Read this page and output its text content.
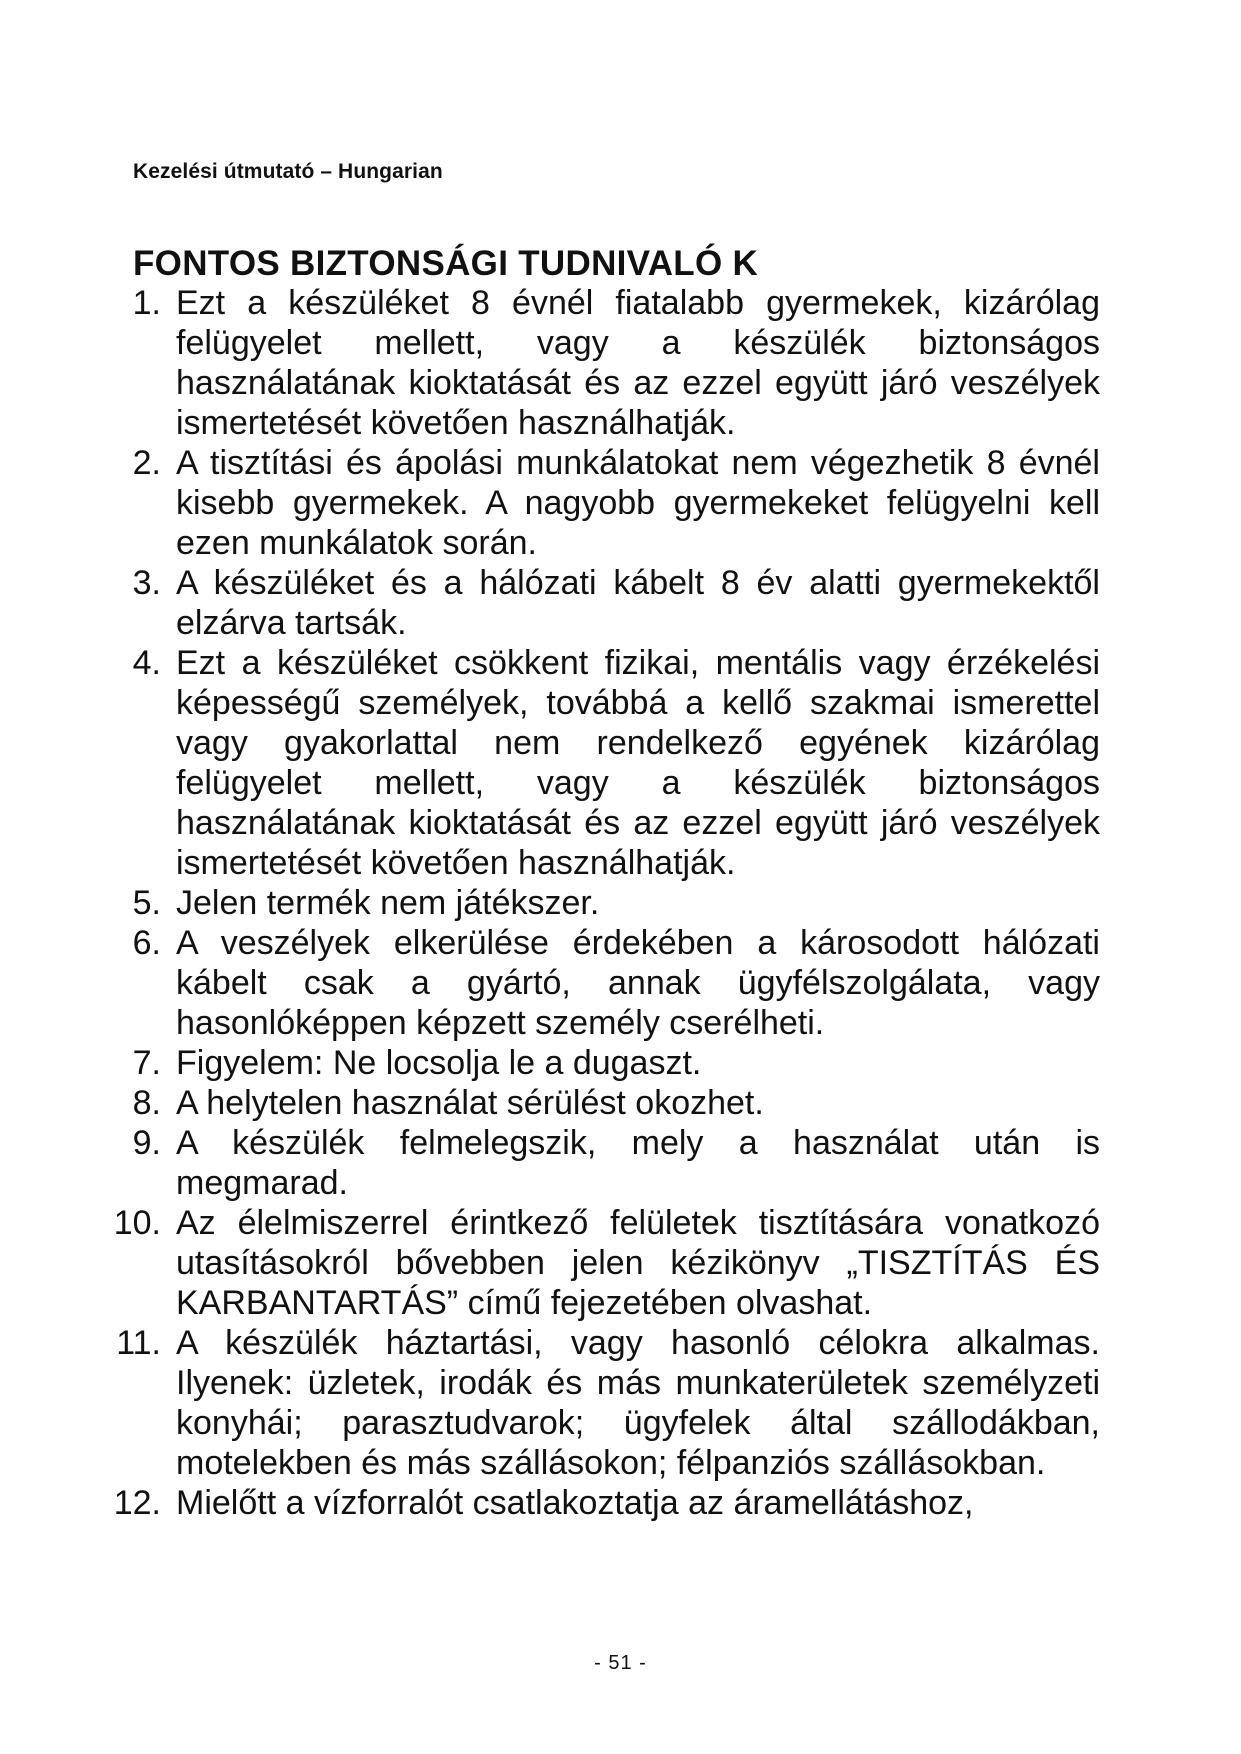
Kezelési útmutató – Hungarian
FONTOS BIZTONSÁGI TUDNIVALÓ K
1. Ezt a készüléket 8 évnél fiatalabb gyermekek, kizárólag felügyelet mellett, vagy a készülék biztonságos használatának kioktatását és az ezzel együtt járó veszélyek ismertetését követően használhatják.
2. A tisztítási és ápolási munkálatokat nem végezhetik 8 évnél kisebb gyermekek. A nagyobb gyermekeket felügyelni kell ezen munkálatok során.
3. A készüléket és a hálózati kábelt 8 év alatti gyermekektől elzárva tartsák.
4. Ezt a készüléket csökkent fizikai, mentális vagy érzékelési képességű személyek, továbbá a kellő szakmai ismerettel vagy gyakorlattal nem rendelkező egyének kizárólag felügyelet mellett, vagy a készülék biztonságos használatának kioktatását és az ezzel együtt járó veszélyek ismertetését követően használhatják.
5. Jelen termék nem játékszer.
6. A veszélyek elkerülése érdekében a károsodott hálózati kábelt csak a gyártó, annak ügyfélszolgálata, vagy hasonlóképpen képzett személy cserélheti.
7. Figyelem: Ne locsolja le a dugaszt.
8. A helytelen használat sérülést okozhet.
9. A készülék felmelegszik, mely a használat után is megmarad.
10. Az élelmiszerrel érintkező felületek tisztítására vonatkozó utasításokról bővebben jelen kézikönyv „TISZTÍTÁS ÉS KARBANTARTÁS” című fejezetében olvashat.
11. A készülék háztartási, vagy hasonló célokra alkalmas. Ilyenek: üzletek, irodák és más munkaterületek személyzeti konyhái; parasztudvarok; ügyfelek által szállodákban, motelekben és más szállásokon; félpanziós szállásokban.
12. Mielőtt a vízforralót csatlakoztatja az áramellátáshoz,
- 51 -
